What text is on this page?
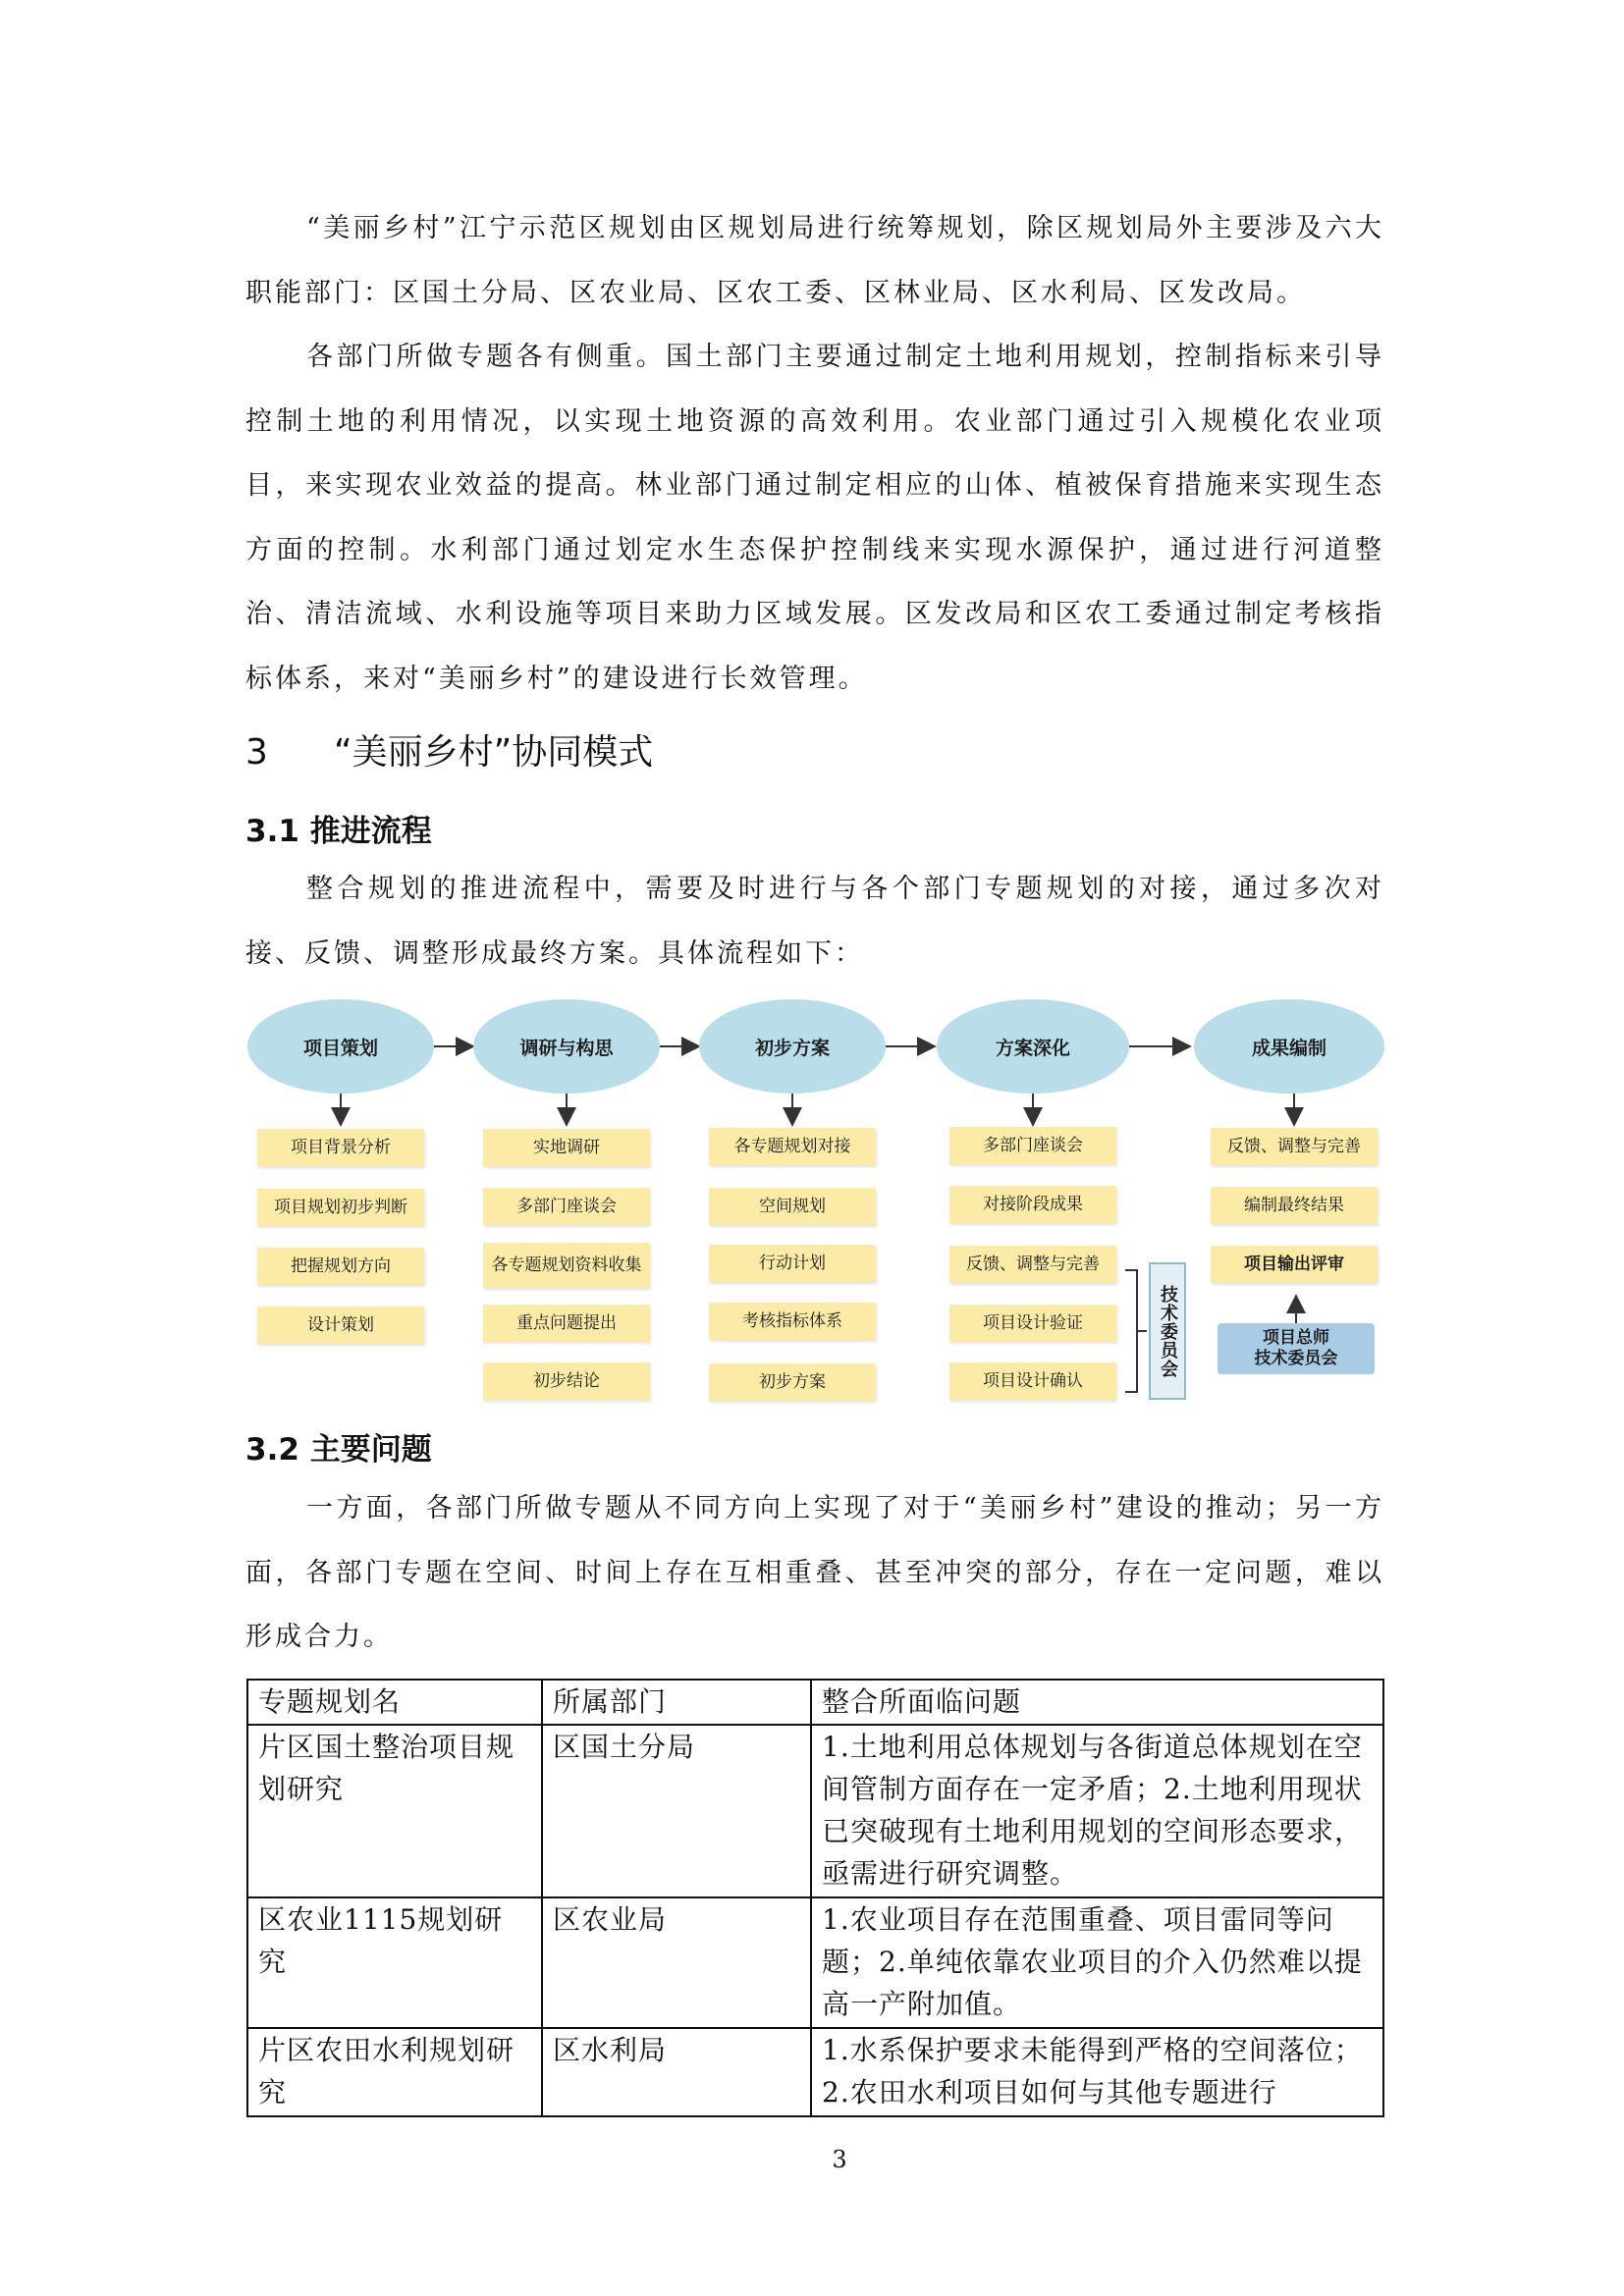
“美丽乡村”江宁示范区规划由区规划局进行统筹规划，除区规划局外主要涉及六大职能部门：区国土分局、区农业局、区农工委、区林业局、区水利局、区发改局。

各部门所做专题各有侧重。国土部门主要通过制定土地利用规划，控制指标来引导控制土地的利用情况，以实现土地资源的高效利用。农业部门通过引入规模化农业项目，来实现农业效益的提高。林业部门通过制定相应的山体、植被保育措施来实现生态方面的控制。水利部门通过划定水生态保护控制线来实现水源保护，通过进行河道整治、清洁流域、水利设施等项目来助力区域发展。区发改局和区农工委通过制定考核指标体系，来对“美丽乡村”的建设进行长效管理。

3 “美丽乡村”协同模式
3.1 推进流程

整合规划的推进流程中，需要及时进行与各个部门专题规划的对接，通过多次对接、反馈、调整形成最终方案。具体流程如下：

项目策划	调研与构思	初步方案	方案深化	成果编制
项目背景分析
项目规划初步判断
把握规划方向
设计策划
实地调研
多部门座谈会
各专题规划资料收集
重点问题提出
初步结论
各专题规划对接
空间规划
行动计划
考核指标体系
初步方案
多部门座谈会
对接阶段成果
反馈、调整与完善
项目设计验证
项目设计确认
反馈、调整与完善
编制最终结果
项目输出评审
技术委员会	项目总师
技术委员会
3.2 主要问题

一方面，各部门所做专题从不同方向上实现了对于“美丽乡村”建设的推动；另一方面，各部门专题在空间、时间上存在互相重叠、甚至冲突的部分，存在一定问题，难以形成合力。

专题规划名	所属部门	整合所面临问题
片区国土整治项目规划研究	区国土分局	1.土地利用总体规划与各街道总体规划在空间管制方面存在一定矛盾；2.土地利用现状已突破现有土地利用规划的空间形态要求，亟需进行研究调整。
区农业1115规划研究	区农业局	1.农业项目存在范围重叠、项目雷同等问题；2.单纯依靠农业项目的介入仍然难以提高一产附加值。
片区农田水利规划研究	区水利局	1.水系保护要求未能得到严格的空间落位；2.农田水利项目如何与其他专题进行
3
